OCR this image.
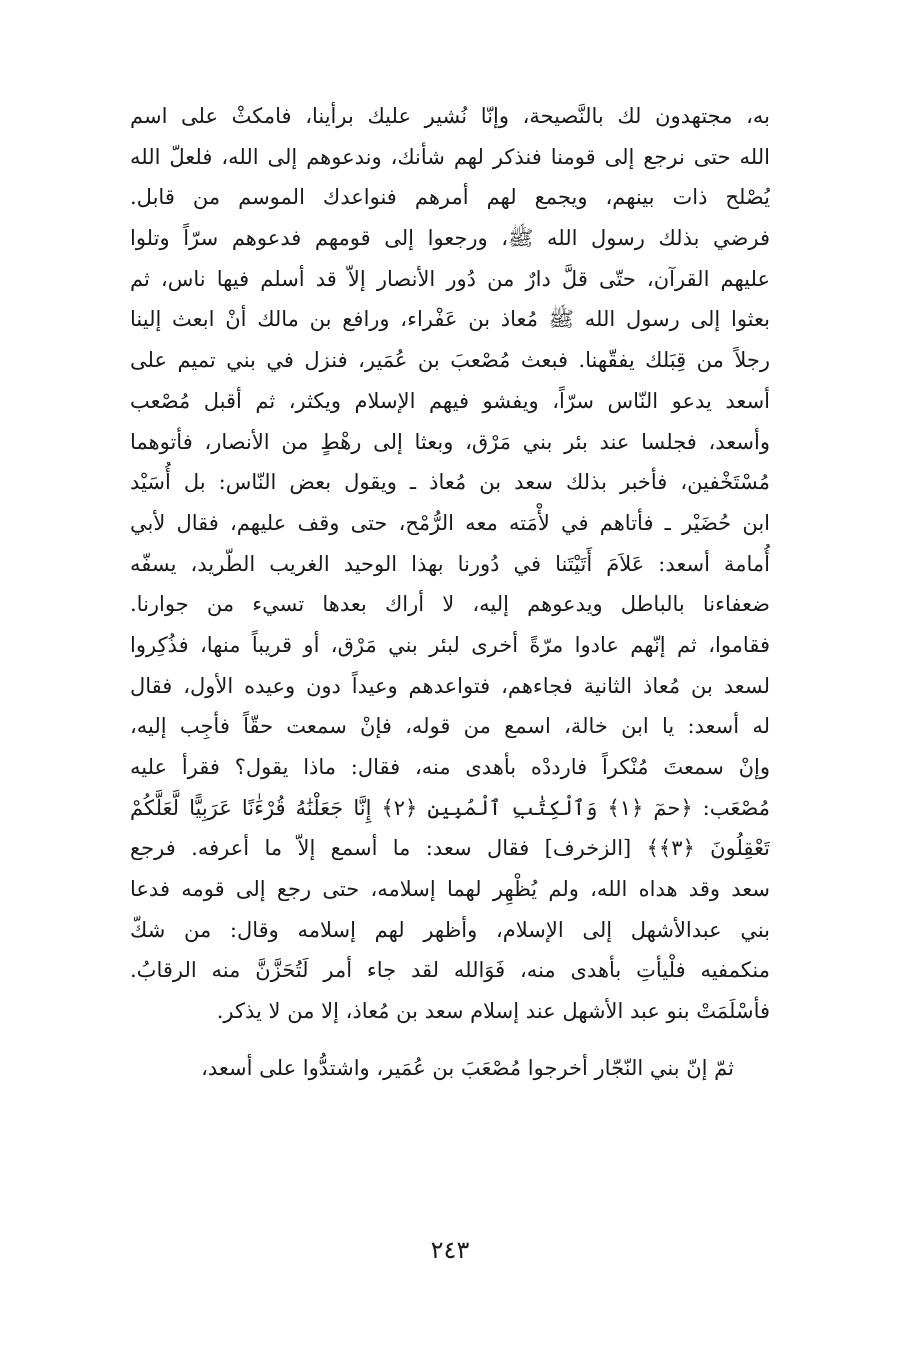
به، مجتهدون لك بالنَّصيحة، وإنّا نُشير عليك برأينا، فامكثْ على اسم
الله حتى نرجع إلى قومنا فنذكر لهم شأنك، وندعوهم إلى الله، فلعلّ الله
يُصْلح ذات بينهم، ويجمع لهم أمرهم فنواعدك الموسم من قابل.
فرضي بذلك رسول الله ﷺ، ورجعوا إلى قومهم فدعوهم سرّاً وتلوا
عليهم القرآن، حتّى قلَّ دارٌ من دُور الأنصار إلاّ قد أسلم فيها ناس، ثم
بعثوا إلى رسول الله ﷺ مُعاذ بن عَفْراء، ورافع بن مالك أنْ ابعث إلينا
رجلاً من قِبَلك يفقّهنا. فبعث مُصْعبَ بن عُمَير، فنزل في بني تميم على
أسعد يدعو النّاس سرّاً، ويفشو فيهم الإسلام ويكثر، ثم أقبل مُصْعب
وأسعد، فجلسا عند بئر بني مَرْق، وبعثا إلى رهْطٍ من الأنصار، فأتوهما
مُسْتَخْفين، فأخبر بذلك سعد بن مُعاذ ـ ويقول بعض النّاس: بل أُسَيْد
ابن حُضَيْر ـ فأتاهم في لأْمَته معه الرُّمْح، حتى وقف عليهم، فقال لأبي
أُمامة أسعد: عَلاَمَ أَتَيْتَنا في دُورنا بهذا الوحيد الغريب الطّريد، يسفّه
ضعفاءنا بالباطل ويدعوهم إليه، لا أراك بعدها تسيء من جوارنا.
فقاموا، ثم إنّهم عادوا مرّةً أخرى لبئر بني مَرْق، أو قريباً منها، فذُكِروا
لسعد بن مُعاذ الثانية فجاءهم، فتواعدهم وعيداً دون وعيده الأول، فقال
له أسعد: يا ابن خالة، اسمع من قوله، فإنْ سمعت حقّاً فأجِب إليه،
وإنْ سمعتَ مُنْكراً فارددْه بأهدى منه، فقال: ماذا يقول؟ فقرأ عليه
مُصْعَب: ﴿حمٓ ﴿١﴾ وَٱلْكِتَٰبِ ٱلْمُبِينِ ﴿٢﴾ إِنَّا جَعَلْنَٰهُ قُرْءَٰنًا عَرَبِيًّا لَّعَلَّكُمْ
تَعْقِلُونَ ﴿٣﴾﴾ [الزخرف] فقال سعد: ما أسمع إلاّ ما أعرفه. فرجع
سعد وقد هداه الله، ولم يُظْهِر لهما إسلامه، حتى رجع إلى قومه فدعا
بني عبدالأشهل إلى الإسلام، وأظهر لهم إسلامه وقال: من شكّ
منكمفيه فلْيأتِ بأهدى منه، فَوَالله لقد جاء أمر لَتُحَزَّنَّ منه الرقابُ.
فأسْلَمَتْ بنو عبد الأشهل عند إسلام سعد بن مُعاذ، إلا من لا يذكر.
ثمّ إنّ بني النّجّار أخرجوا مُصْعَبَ بن عُمَير، واشتدُّوا على أسعد،
٢٤٣
